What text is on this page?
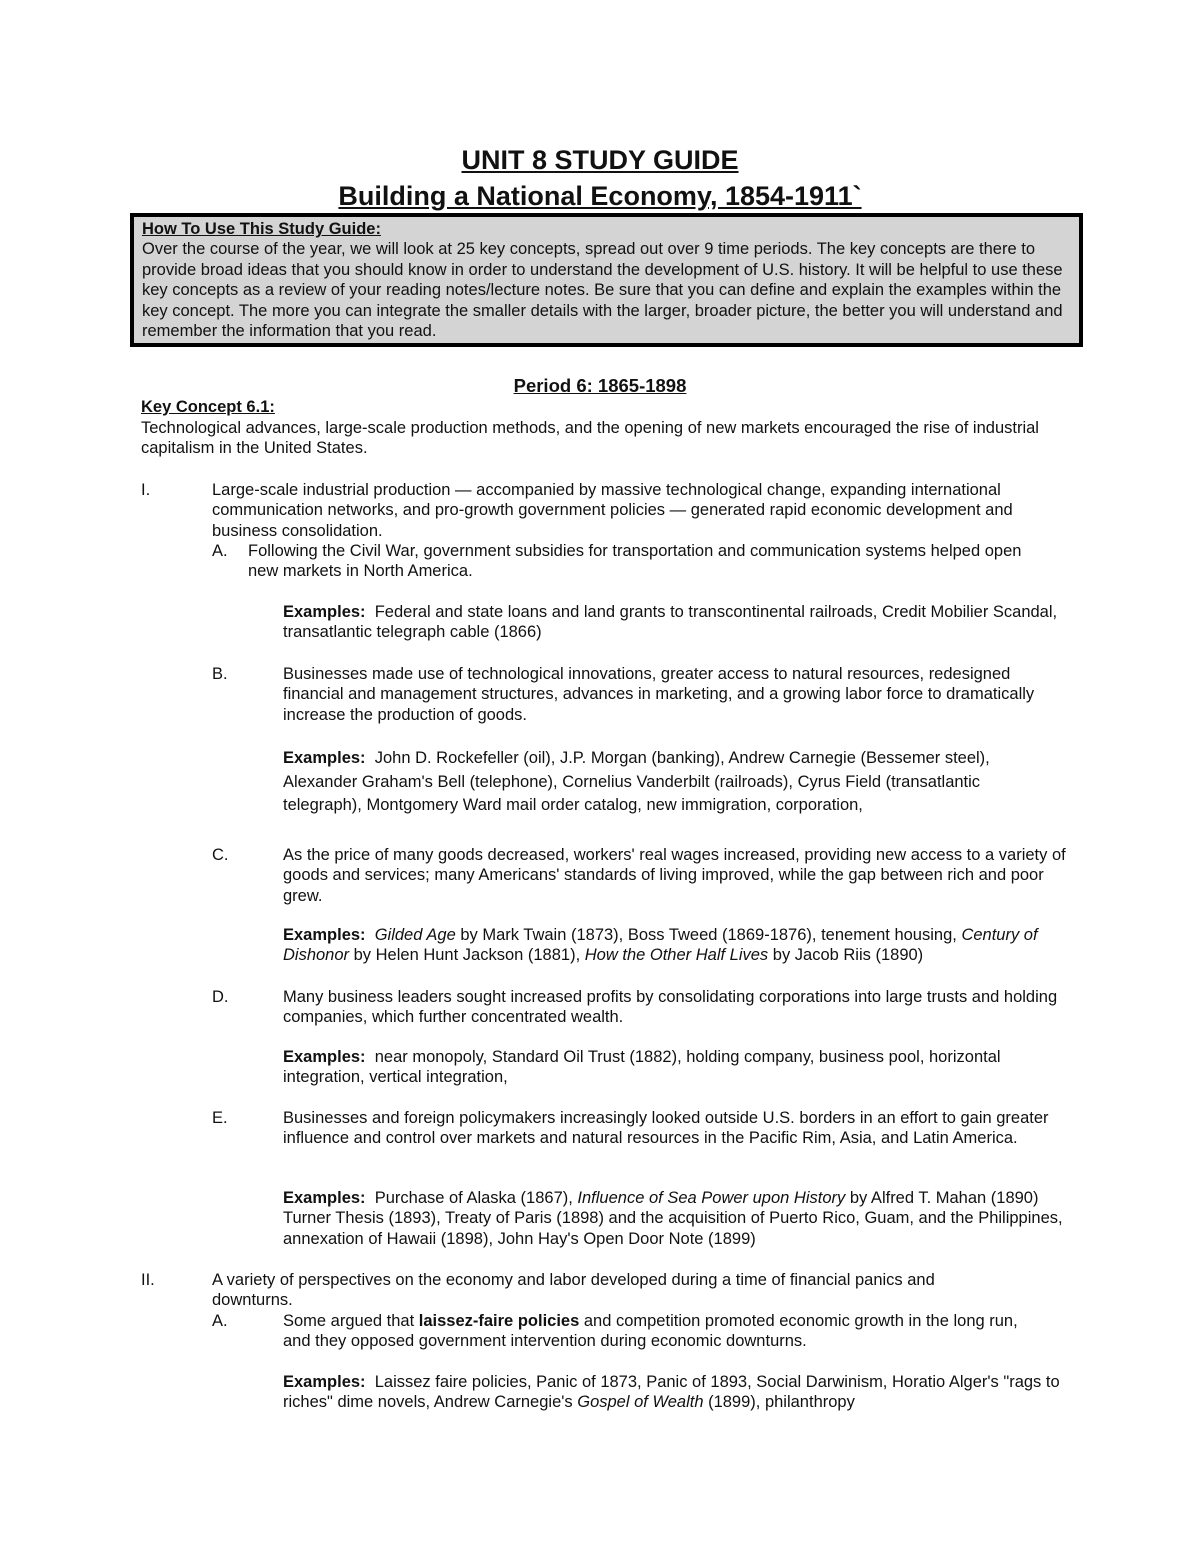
UNIT 8 STUDY GUIDE
Building a National Economy, 1854-1911`
How To Use This Study Guide:

Over the course of the year, we will look at 25 key concepts, spread out over 9 time periods. The key concepts are there to provide broad ideas that you should know in order to understand the development of U.S. history. It will be helpful to use these key concepts as a review of your reading notes/lecture notes. Be sure that you can define and explain the examples within the key concept. The more you can integrate the smaller details with the larger, broader picture, the better you will understand and remember the information that you read.

Period 6: 1865-1898
Key Concept 6.1:

Technological advances, large-scale production methods, and the opening of new markets encouraged the rise of industrial capitalism in the United States.

I.	Large-scale industrial production — accompanied by massive technological change, expanding international communication networks, and pro-growth government policies — generated rapid economic development and business consolidation.

A. Following the Civil War, government subsidies for transportation and communication systems helped open new markets in North America.

Examples: Federal and state loans and land grants to transcontinental railroads, Credit Mobilier Scandal, transatlantic telegraph cable (1866)

B.	Businesses made use of technological innovations, greater access to natural resources, redesigned financial and management structures, advances in marketing, and a growing labor force to dramatically increase the production of goods.

Examples: John D. Rockefeller (oil), J.P. Morgan (banking), Andrew Carnegie (Bessemer steel), Alexander Graham's Bell (telephone), Cornelius Vanderbilt (railroads), Cyrus Field (transatlantic telegraph), Montgomery Ward mail order catalog, new immigration, corporation,

C.	As the price of many goods decreased, workers' real wages increased, providing new access to a variety of goods and services; many Americans' standards of living improved, while the gap between rich and poor grew.

Examples: Gilded Age by Mark Twain (1873), Boss Tweed (1869-1876), tenement housing, Century of Dishonor by Helen Hunt Jackson (1881), How the Other Half Lives by Jacob Riis (1890)

D.	Many business leaders sought increased profits by consolidating corporations into large trusts and holding companies, which further concentrated wealth.

Examples: near monopoly, Standard Oil Trust (1882), holding company, business pool, horizontal integration, vertical integration,

E.	Businesses and foreign policymakers increasingly looked outside U.S. borders in an effort to gain greater influence and control over markets and natural resources in the Pacific Rim, Asia, and Latin America.

Examples: Purchase of Alaska (1867), Influence of Sea Power upon History by Alfred T. Mahan (1890) Turner Thesis (1893), Treaty of Paris (1898) and the acquisition of Puerto Rico, Guam, and the Philippines, annexation of Hawaii (1898), John Hay's Open Door Note (1899)

II.	A variety of perspectives on the economy and labor developed during a time of financial panics and downturns.

A.	Some argued that laissez-faire policies and competition promoted economic growth in the long run, and they opposed government intervention during economic downturns.

Examples: Laissez faire policies, Panic of 1873, Panic of 1893, Social Darwinism, Horatio Alger's "rags to riches" dime novels, Andrew Carnegie's Gospel of Wealth (1899), philanthropy
